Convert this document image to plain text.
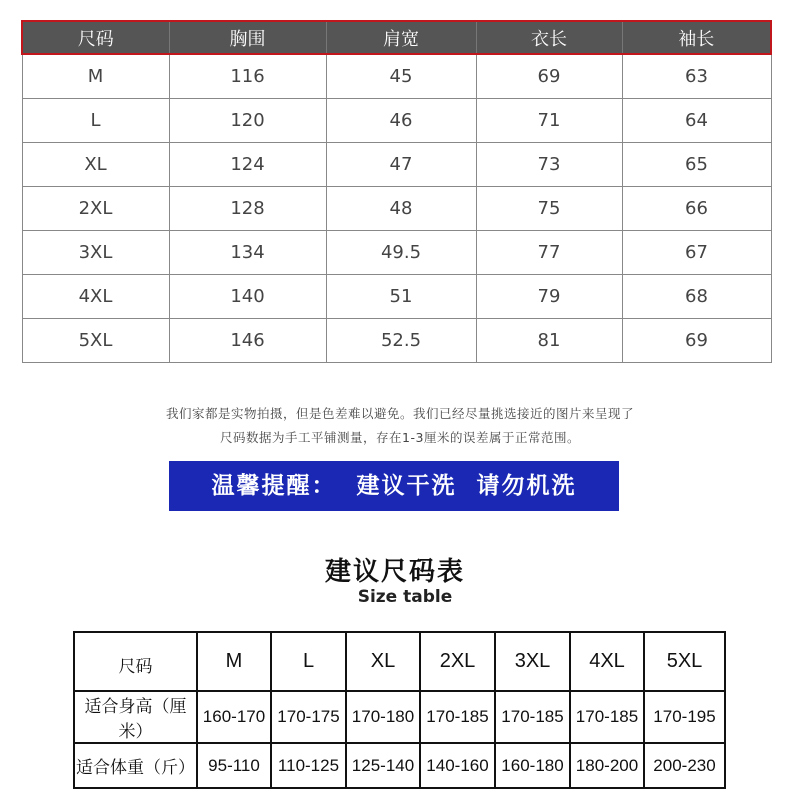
尺码	胸围	肩宽	衣长	袖长
M	116	45	69	63
L	120	46	71	64
XL	124	47	73	65
2XL	128	48	75	66
3XL	134	49.5	77	67
4XL	140	51	79	68
5XL	146	52.5	81	69
我们家都是实物拍摄，但是色差难以避免。我们已经尽量挑选接近的图片来呈现了
尺码数据为手工平铺测量，存在1-3厘米的误差属于正常范围。
温馨提醒：  建议干洗  请勿机洗
建议尺码表
Size table
尺码	M	L	XL	2XL	3XL	4XL	5XL
适合身高（厘米）	160-170	170-175	170-180	170-185	170-185	170-185	170-195
适合体重（斤）	95-110	110-125	125-140	140-160	160-180	180-200	200-230
